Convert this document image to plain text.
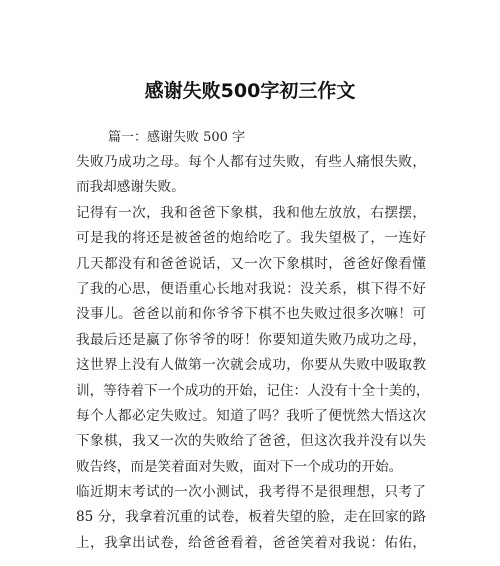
感谢失败500字初三作文
篇一：感谢失败 500 字
失败乃成功之母。每个人都有过失败，有些人痛恨失败，
而我却感谢失败。
记得有一次，我和爸爸下象棋，我和他左放放，右摆摆，
可是我的将还是被爸爸的炮给吃了。我失望极了，一连好
几天都没有和爸爸说话，又一次下象棋时，爸爸好像看懂
了我的心思，便语重心长地对我说：没关系，棋下得不好
没事儿。爸爸以前和你爷爷下棋不也失败过很多次嘛！可
我最后还是赢了你爷爷的呀！你要知道失败乃成功之母，
这世界上没有人做第一次就会成功，你要从失败中吸取教
训，等待着下一个成功的开始，记住：人没有十全十美的，
每个人都必定失败过。知道了吗？我听了便恍然大悟这次
下象棋，我又一次的失败给了爸爸，但这次我并没有以失
败告终，而是笑着面对失败，面对下一个成功的开始。
临近期末考试的一次小测试，我考得不是很理想，只考了
85 分，我拿着沉重的试卷，板着失望的脸，走在回家的路
上，我拿出试卷，给爸爸看着，爸爸笑着对我说：佑佑，
